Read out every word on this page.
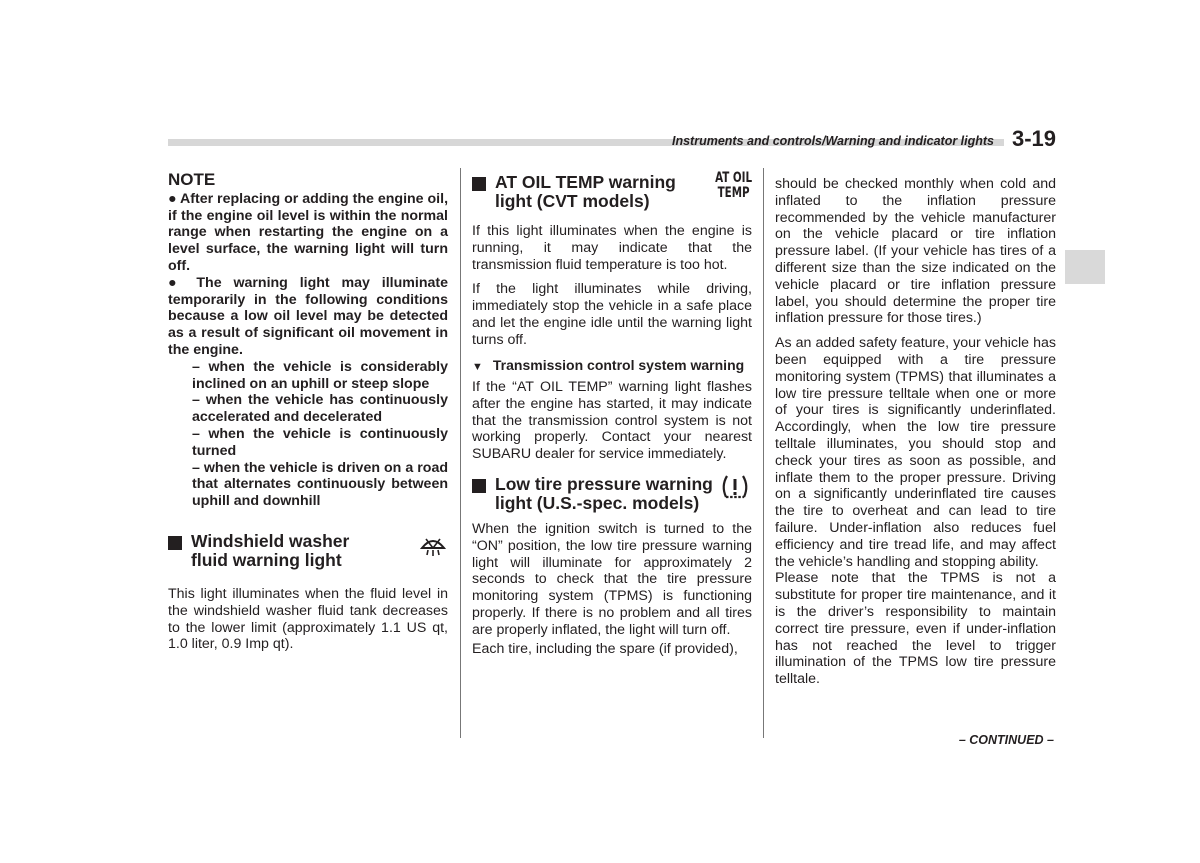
Instruments and controls/Warning and indicator lights 3-19
NOTE

● After replacing or adding the engine oil, if the engine oil level is within the normal range when restarting the engine on a level surface, the warning light will turn off.

● The warning light may illuminate temporarily in the following conditions because a low oil level may be detected as a result of significant oil movement in the engine.

– when the vehicle is considerably inclined on an uphill or steep slope

– when the vehicle has continuously accelerated and decelerated

– when the vehicle is continuously turned

– when the vehicle is driven on a road that alternates continuously between uphill and downhill

Windshield washer fluid warning light

This light illuminates when the fluid level in the windshield washer fluid tank decreases to the lower limit (approximately 1.1 US qt, 1.0 liter, 0.9 Imp qt).

AT OIL TEMP warning light (CVT models)
AT OIL
TEMP

If this light illuminates when the engine is running, it may indicate that the transmission fluid temperature is too hot.

If the light illuminates while driving, immediately stop the vehicle in a safe place and let the engine idle until the warning light turns off.

▼ Transmission control system warning

If the “AT OIL TEMP” warning light flashes after the engine has started, it may indicate that the transmission control system is not working properly. Contact your nearest SUBARU dealer for service immediately.

Low tire pressure warning light (U.S.-spec. models)

When the ignition switch is turned to the “ON” position, the low tire pressure warning light will illuminate for approximately 2 seconds to check that the tire pressure monitoring system (TPMS) is functioning properly. If there is no problem and all tires are properly inflated, the light will turn off.

Each tire, including the spare (if provided),

should be checked monthly when cold and inflated to the inflation pressure recommended by the vehicle manufacturer on the vehicle placard or tire inflation pressure label. (If your vehicle has tires of a different size than the size indicated on the vehicle placard or tire inflation pressure label, you should determine the proper tire inflation pressure for those tires.)

As an added safety feature, your vehicle has been equipped with a tire pressure monitoring system (TPMS) that illuminates a low tire pressure telltale when one or more of your tires is significantly underinflated. Accordingly, when the low tire pressure telltale illuminates, you should stop and check your tires as soon as possible, and inflate them to the proper pressure. Driving on a significantly underinflated tire causes the tire to overheat and can lead to tire failure. Under-inflation also reduces fuel efficiency and tire tread life, and may affect the vehicle’s handling and stopping ability.

Please note that the TPMS is not a substitute for proper tire maintenance, and it is the driver’s responsibility to maintain correct tire pressure, even if under-inflation has not reached the level to trigger illumination of the TPMS low tire pressure telltale.

– CONTINUED –
